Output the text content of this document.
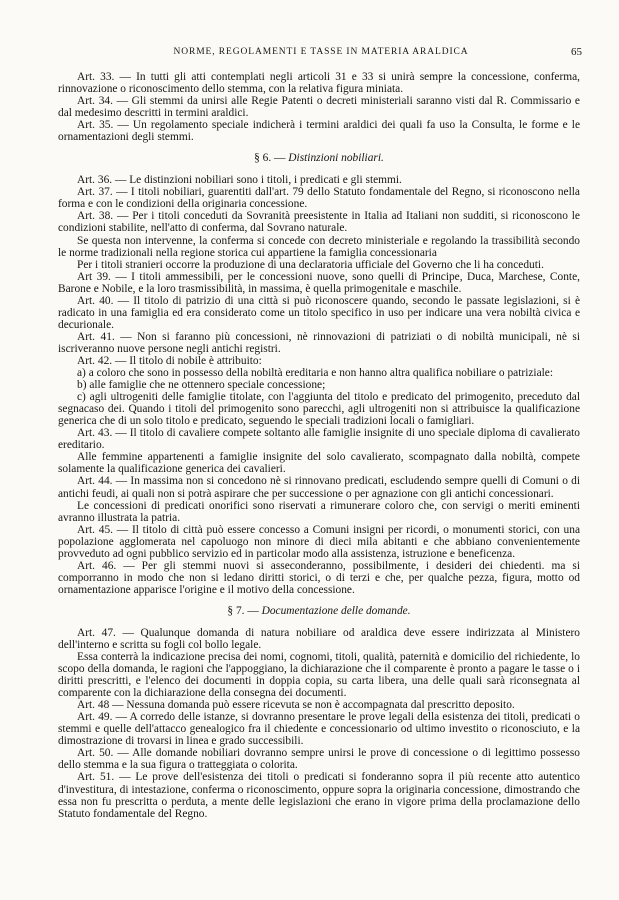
NORME, REGOLAMENTI E TASSE IN MATERIA ARALDICA	65

Art. 33. — In tutti gli atti contemplati negli articoli 31 e 33 si unirà sempre la concessione, conferma, rinnovazione o riconoscimento dello stemma, con la relativa figura miniata.

Art. 34. — Gli stemmi da unirsi alle Regie Patenti o decreti ministeriali saranno visti dal R. Commissario e dal medesimo descritti in termini araldici.

Art. 35. — Un regolamento speciale indicherà i termini araldici dei quali fa uso la Consulta, le forme e le ornamentazioni degli stemmi.

§ 6. — Distinzioni nobiliari.

Art. 36. — Le distinzioni nobiliari sono i titoli, i predicati e gli stemmi.

Art. 37. — I titoli nobiliari, guarentiti dall'art. 79 dello Statuto fondamentale del Regno, si riconoscono nella forma e con le condizioni della originaria concessione.

Art. 38. — Per i titoli conceduti da Sovranità preesistente in Italia ad Italiani non sudditi, si riconoscono le condizioni stabilite, nell'atto di conferma, dal Sovrano naturale.

Se questa non intervenne, la conferma si concede con decreto ministeriale e regolando la trassibilità secondo le norme tradizionali nella regione storica cui appartiene la famiglia concessionaria

Per i titoli stranieri occorre la produzione di una declaratoria ufficiale del Governo che li ha conceduti.

Art 39. — I titoli ammessibili, per le concessioni nuove, sono quelli di Principe, Duca, Marchese, Conte, Barone e Nobile, e la loro trasmissibilità, in massima, è quella primogenitale e maschile.

Art. 40. — Il titolo di patrizio di una città si può riconoscere quando, secondo le passate legislazioni, si è radicato in una famiglia ed era considerato come un titolo specifico in uso per indicare una vera nobiltà civica e decurionale.

Art. 41. — Non si faranno più concessioni, nè rinnovazioni di patriziati o di nobiltà municipali, nè si iscriveranno nuove persone negli antichi registri.

Art. 42. — Il titolo di nobile è attribuito:

a) a coloro che sono in possesso della nobiltà ereditaria e non hanno altra qualifica nobiliare o patriziale:

b) alle famiglie che ne ottennero speciale concessione;

c) agli ultrogeniti delle famiglie titolate, con l'aggiunta del titolo e predicato del primogenito, preceduto dal segnacaso dei. Quando i titoli del primogenito sono parecchi, agli ultrogeniti non si attribuisce la qualificazione generica che di un solo titolo e predicato, seguendo le speciali tradizioni locali o famigliari.

Art. 43. — Il titolo di cavaliere compete soltanto alle famiglie insignite di uno speciale diploma di cavalierato ereditario.

Alle femmine appartenenti a famiglie insignite del solo cavalierato, scompagnato dalla nobiltà, compete solamente la qualificazione generica dei cavalieri.

Art. 44. — In massima non si concedono nè si rinnovano predicati, escludendo sempre quelli di Comuni o di antichi feudi, ai quali non si potrà aspirare che per successione o per agnazione con gli antichi concessionari.

Le concessioni di predicati onorifici sono riservati a rimunerare coloro che, con servigi o meriti eminenti avranno illustrata la patria.

Art. 45. — Il titolo di città può essere concesso a Comuni insigni per ricordi, o monumenti storici, con una popolazione agglomerata nel capoluogo non minore di dieci mila abitanti e che abbiano convenientemente provveduto ad ogni pubblico servizio ed in particolar modo alla assistenza, istruzione e beneficenza.

Art. 46. — Per gli stemmi nuovi si asseconderanno, possibilmente, i desideri dei chiedenti. ma si comporranno in modo che non si ledano diritti storici, o di terzi e che, per qualche pezza, figura, motto od ornamentazione apparisce l'origine e il motivo della concessione.

§ 7. — Documentazione delle domande.

Art. 47. — Qualunque domanda di natura nobiliare od araldica deve essere indirizzata al Ministero dell'interno e scritta su fogli col bollo legale.

Essa conterrà la indicazione precisa dei nomi, cognomi, titoli, qualità, paternità e domicilio del richiedente, lo scopo della domanda, le ragioni che l'appoggiano, la dichiarazione che il comparente è pronto a pagare le tasse o i diritti prescritti, e l'elenco dei documenti in doppia copia, su carta libera, una delle quali sarà riconsegnata al comparente con la dichiarazione della consegna dei documenti.

Art. 48 — Nessuna domanda può essere ricevuta se non è accompagnata dal prescritto deposito.

Art. 49. — A corredo delle istanze, si dovranno presentare le prove legali della esistenza dei titoli, predicati o stemmi e quelle dell'attacco genealogico fra il chiedente e concessionario od ultimo investito o riconosciuto, e la dimostrazione di trovarsi in linea e grado successibili.

Art. 50. — Alle domande nobiliari dovranno sempre unirsi le prove di concessione o di legittimo possesso dello stemma e la sua figura o tratteggiata o colorita.

Art. 51. — Le prove dell'esistenza dei titoli o predicati si fonderanno sopra il più recente atto autentico d'investitura, di intestazione, conferma o riconoscimento, oppure sopra la originaria concessione, dimostrando che essa non fu prescritta o perduta, a mente delle legislazioni che erano in vigore prima della proclamazione dello Statuto fondamentale del Regno.
